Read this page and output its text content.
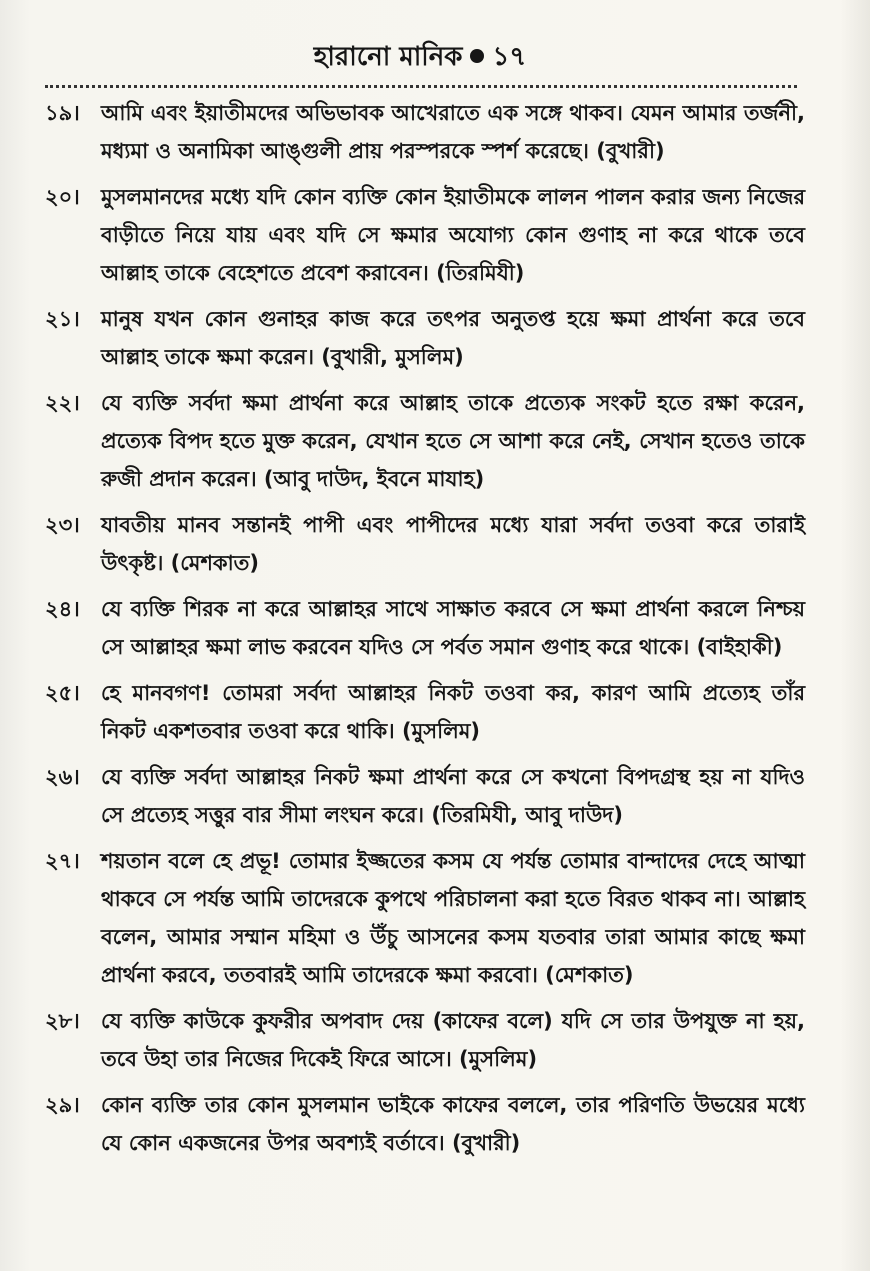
হারানো মানিক ১৭
১৯।	আমি এবং ইয়াতীমদের অভিভাবক আখেরাতে এক সঙ্গে থাকব। যেমন আমার তর্জনী, মধ্যমা ও অনামিকা আঙ্গুলী প্রায় পরস্পরকে স্পর্শ করেছে। (বুখারী)
২০।	মুসলমানদের মধ্যে যদি কোন ব্যক্তি কোন ইয়াতীমকে লালন পালন করার জন্য নিজের বাড়ীতে নিয়ে যায় এবং যদি সে ক্ষমার অযোগ্য কোন গুণাহ না করে থাকে তবে আল্লাহ তাকে বেহেশতে প্রবেশ করাবেন। (তিরমিযী)
২১।	মানুষ যখন কোন গুনাহর কাজ করে তৎপর অনুতপ্ত হয়ে ক্ষমা প্রার্থনা করে তবে আল্লাহ তাকে ক্ষমা করেন। (বুখারী, মুসলিম)
২২।	যে ব্যক্তি সর্বদা ক্ষমা প্রার্থনা করে আল্লাহ তাকে প্রত্যেক সংকট হতে রক্ষা করেন, প্রত্যেক বিপদ হতে মুক্ত করেন, যেখান হতে সে আশা করে নেই, সেখান হতেও তাকে রুজী প্রদান করেন। (আবু দাউদ, ইবনে মাযাহ)
২৩।	যাবতীয় মানব সন্তানই পাপী এবং পাপীদের মধ্যে যারা সর্বদা তওবা করে তারাই উৎকৃষ্ট। (মেশকাত)
২৪।	যে ব্যক্তি শিরক না করে আল্লাহর সাথে সাক্ষাত করবে সে ক্ষমা প্রার্থনা করলে নিশ্চয় সে আল্লাহর ক্ষমা লাভ করবেন যদিও সে পর্বত সমান গুণাহ করে থাকে। (বাইহাকী)
২৫।	হে মানবগণ! তোমরা সর্বদা আল্লাহর নিকট তওবা কর, কারণ আমি প্রত্যেহ তাঁর নিকট একশতবার তওবা করে থাকি। (মুসলিম)
২৬।	যে ব্যক্তি সর্বদা আল্লাহর নিকট ক্ষমা প্রার্থনা করে সে কখনো বিপদগ্রস্থ হয় না যদিও সে প্রত্যেহ সত্তুর বার সীমা লংঘন করে। (তিরমিযী, আবু দাউদ)
২৭।	শয়তান বলে হে প্রভূ! তোমার ইজ্জতের কসম যে পর্যন্ত তোমার বান্দাদের দেহে আত্মা থাকবে সে পর্যন্ত আমি তাদেরকে কুপথে পরিচালনা করা হতে বিরত থাকব না। আল্লাহ বলেন, আমার সম্মান মহিমা ও উঁচু আসনের কসম যতবার তারা আমার কাছে ক্ষমা প্রার্থনা করবে, ততবারই আমি তাদেরকে ক্ষমা করবো। (মেশকাত)
২৮।	যে ব্যক্তি কাউকে কুফরীর অপবাদ দেয় (কাফের বলে) যদি সে তার উপযুক্ত না হয়, তবে উহা তার নিজের দিকেই ফিরে আসে। (মুসলিম)
২৯।	কোন ব্যক্তি তার কোন মুসলমান ভাইকে কাফের বললে, তার পরিণতি উভয়ের মধ্যে যে কোন একজনের উপর অবশ্যই বর্তাবে। (বুখারী)
